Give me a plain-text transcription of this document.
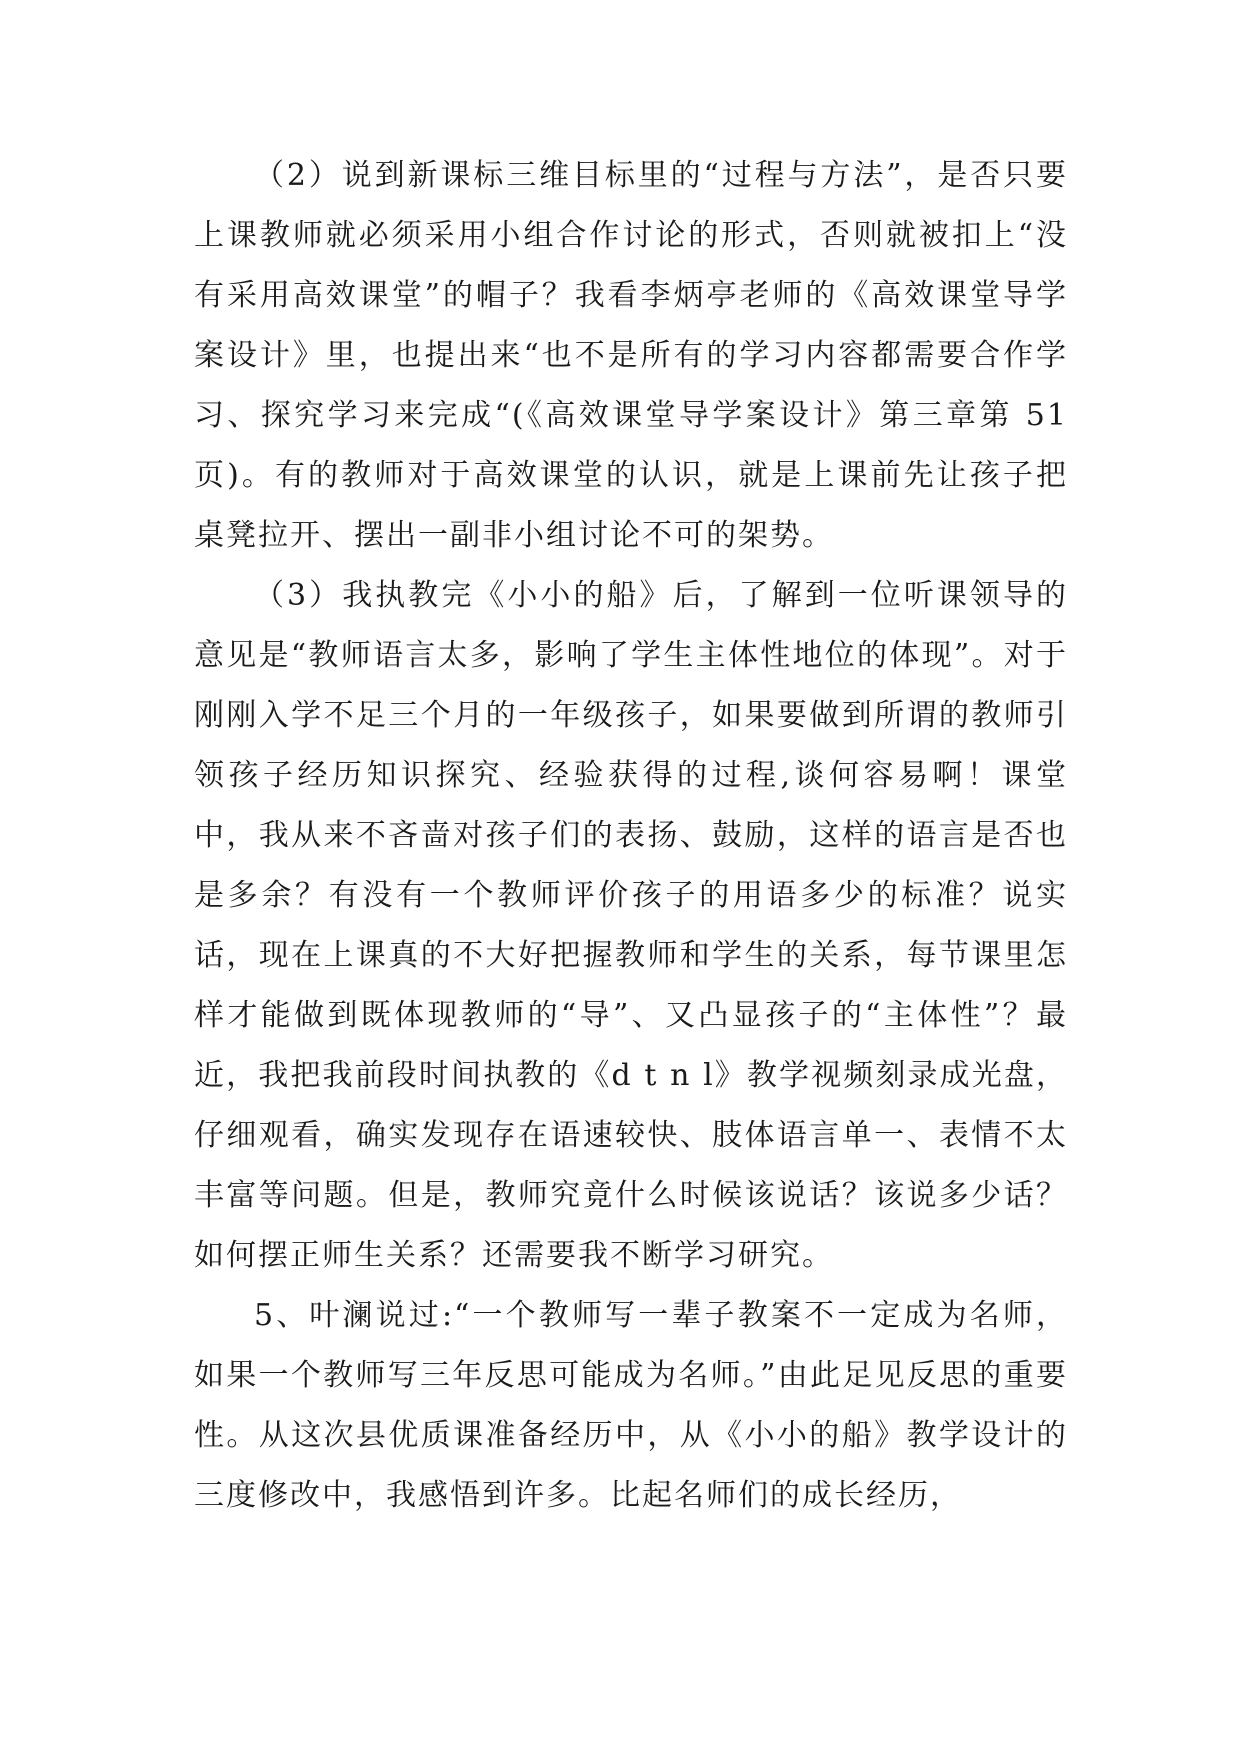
（2）说到新课标三维目标里的“过程与方法”，是否只要上课教师就必须采用小组合作讨论的形式，否则就被扣上“没有采用高效课堂”的帽子？我看李炳亭老师的《高效课堂导学案设计》里，也提出来“也不是所有的学习内容都需要合作学习、探究学习来完成“(《高效课堂导学案设计》第三章第 51 页)。有的教师对于高效课堂的认识，就是上课前先让孩子把桌凳拉开、摆出一副非小组讨论不可的架势。

（3）我执教完《小小的船》后，了解到一位听课领导的意见是“教师语言太多，影响了学生主体性地位的体现”。对于刚刚入学不足三个月的一年级孩子，如果要做到所谓的教师引领孩子经历知识探究、经验获得的过程,谈何容易啊！课堂中，我从来不吝啬对孩子们的表扬、鼓励，这样的语言是否也是多余？有没有一个教师评价孩子的用语多少的标准？说实话，现在上课真的不大好把握教师和学生的关系，每节课里怎样才能做到既体现教师的“导”、又凸显孩子的“主体性”？最近，我把我前段时间执教的《d t n l》教学视频刻录成光盘，仔细观看，确实发现存在语速较快、肢体语言单一、表情不太丰富等问题。但是，教师究竟什么时候该说话？该说多少话？如何摆正师生关系？还需要我不断学习研究。

5、叶澜说过:“一个教师写一辈子教案不一定成为名师，如果一个教师写三年反思可能成为名师。”由此足见反思的重要性。从这次县优质课准备经历中，从《小小的船》教学设计的三度修改中，我感悟到许多。比起名师们的成长经历，
